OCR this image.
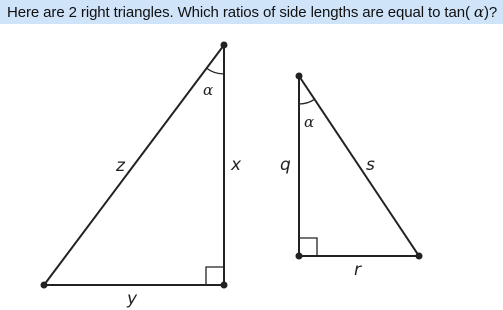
Here are 2 right triangles. Which ratios of side lengths are equal to tan( α)?
α
z	x
y
α
q	s
r
